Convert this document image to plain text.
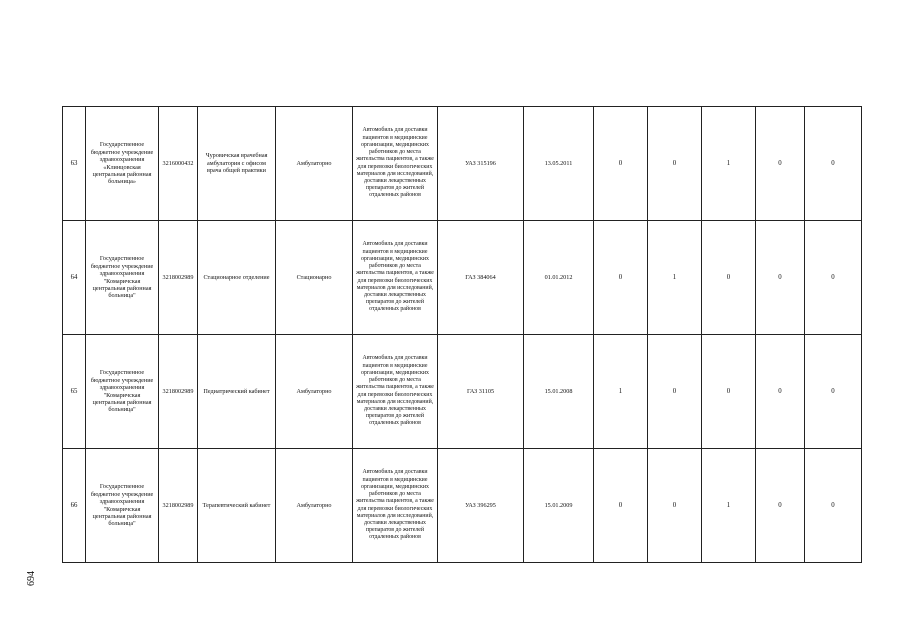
63	Государственное бюджетное учреждение здравоохранения «Клинцовская центральная районная больница»	3216000432	Чуровичская врачебная амбулатория с офисом врача общей практики	Амбулаторно	Автомобиль для доставки пациентов в медицинские организации, медицинских работников до места жительства пациентов, а также для перевозки биологических материалов для исследований, доставки лекарственных препаратов до жителей отдаленных районов	УАЗ 315196	13.05.2011	0	0	1	0	0
64	Государственное бюджетное учреждение здравоохранения "Комаричская центральная районная больница"	3218002989	Стационарное отделение	Стационарно	Автомобиль для доставки пациентов в медицинские организации, медицинских работников до места жительства пациентов, а также для перевозки биологических материалов для исследований, доставки лекарственных препаратов до жителей отдаленных районов	ГАЗ 384064	01.01.2012	0	1	0	0	0
65	Государственное бюджетное учреждение здравоохранения "Комаричская центральная районная больница"	3218002989	Педиатрический кабинет	Амбулаторно	Автомобиль для доставки пациентов в медицинские организации, медицинских работников до места жительства пациентов, а также для перевозки биологических материалов для исследований, доставки лекарственных препаратов до жителей отдаленных районов	ГАЗ 31105	15.01.2008	1	0	0	0	0
66	Государственное бюджетное учреждение здравоохранения "Комаричская центральная районная больница"	3218002989	Терапевтический кабинет	Амбулаторно	Автомобиль для доставки пациентов в медицинские организации, медицинских работников до места жительства пациентов, а также для перевозки биологических материалов для исследований, доставки лекарственных препаратов до жителей отдаленных районов	УАЗ 396295	15.01.2009	0	0	1	0	0
694
